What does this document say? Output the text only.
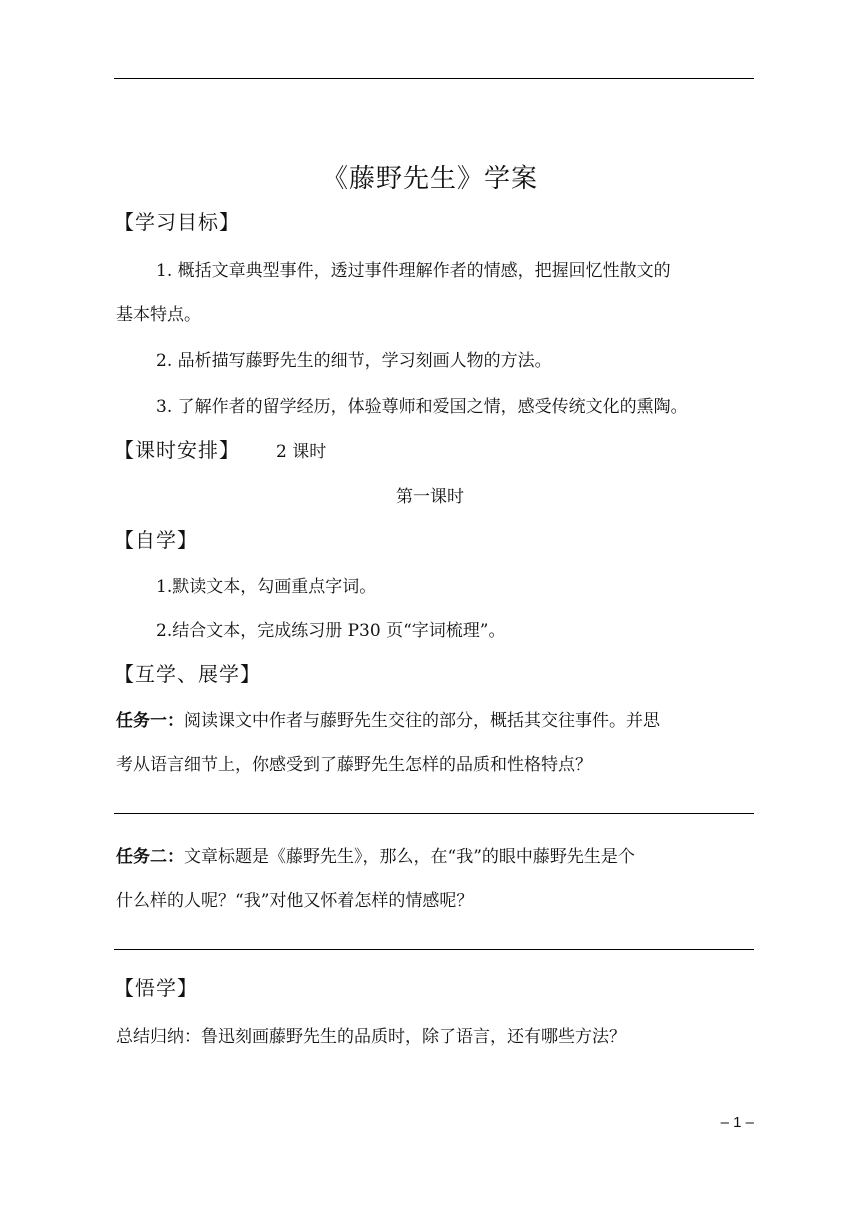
《藤野先生》学案
【学习目标】
1. 概括文章典型事件，透过事件理解作者的情感，把握回忆性散文的
基本特点。
2. 品析描写藤野先生的细节，学习刻画人物的方法。
3. 了解作者的留学经历，体验尊师和爱国之情，感受传统文化的熏陶。
【课时安排】 2 课时
第一课时
【自学】
1.默读文本，勾画重点字词。
2.结合文本，完成练习册 P30 页“字词梳理”。
【互学、展学】
任务一：阅读课文中作者与藤野先生交往的部分，概括其交往事件。并思
考从语言细节上，你感受到了藤野先生怎样的品质和性格特点？
任务二：文章标题是《藤野先生》，那么，在“我”的眼中藤野先生是个
什么样的人呢？“我”对他又怀着怎样的情感呢？
【悟学】
总结归纳：鲁迅刻画藤野先生的品质时，除了语言，还有哪些方法？
– 1 –
